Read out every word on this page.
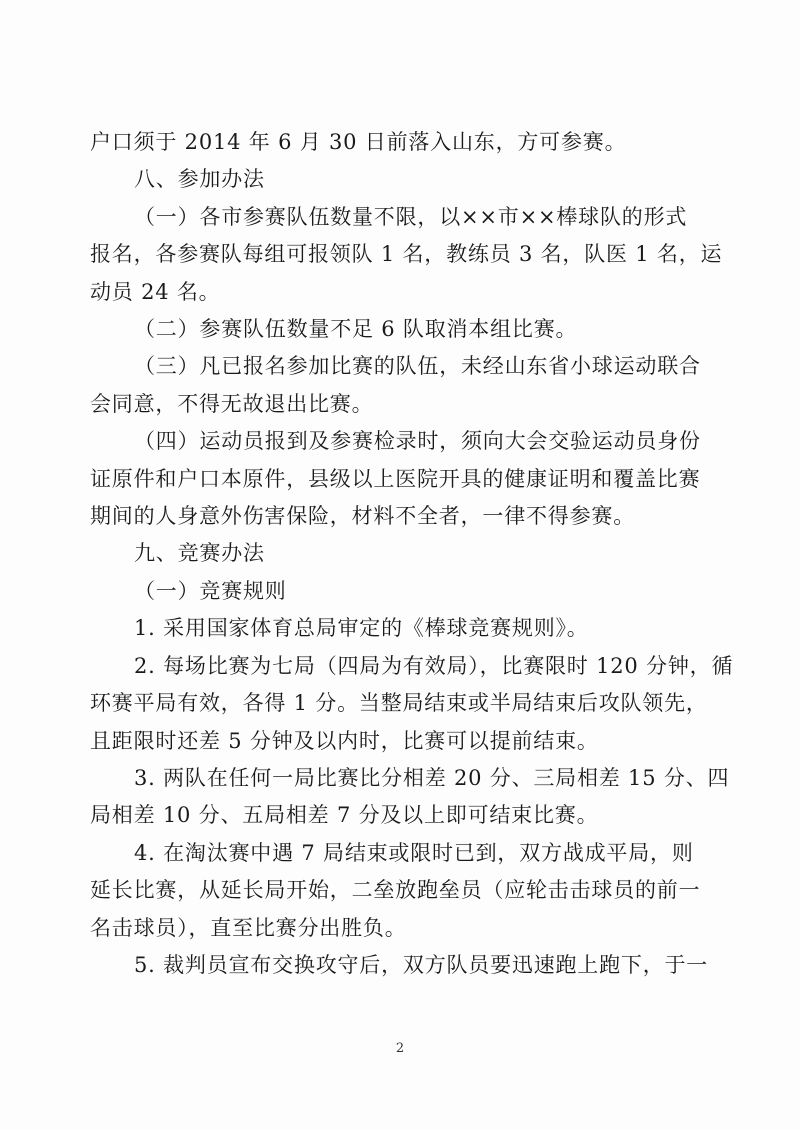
户口须于 2014 年 6 月 30 日前落入山东，方可参赛。
八、参加办法
（一）各市参赛队伍数量不限，以××市××棒球队的形式
报名，各参赛队每组可报领队 1 名，教练员 3 名，队医 1 名，运
动员 24 名。
（二）参赛队伍数量不足 6 队取消本组比赛。
（三）凡已报名参加比赛的队伍，未经山东省小球运动联合
会同意，不得无故退出比赛。
（四）运动员报到及参赛检录时，须向大会交验运动员身份
证原件和户口本原件，县级以上医院开具的健康证明和覆盖比赛
期间的人身意外伤害保险，材料不全者，一律不得参赛。
九、竞赛办法
（一）竞赛规则
1. 采用国家体育总局审定的《棒球竞赛规则》。
2. 每场比赛为七局（四局为有效局），比赛限时 120 分钟，循
环赛平局有效，各得 1 分。当整局结束或半局结束后攻队领先，
且距限时还差 5 分钟及以内时，比赛可以提前结束。
3. 两队在任何一局比赛比分相差 20 分、三局相差 15 分、四
局相差 10 分、五局相差 7 分及以上即可结束比赛。
4. 在淘汰赛中遇 7 局结束或限时已到，双方战成平局，则
延长比赛，从延长局开始，二垒放跑垒员（应轮击击球员的前一
名击球员），直至比赛分出胜负。
5. 裁判员宣布交换攻守后，双方队员要迅速跑上跑下，于一
2
